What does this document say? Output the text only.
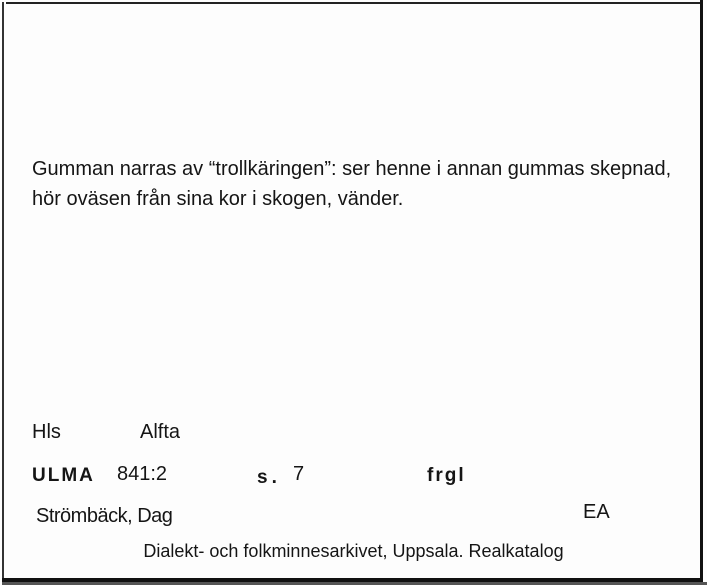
Gumman narras av “trollkäringen”: ser henne i annan gummas skepnad, hör oväsen från sina kor i skogen, vänder.
Hls	Alfta
ULMA 841:2	s. 7	frgl
Strömbäck, Dag	EA
Dialekt- och folkminnesarkivet, Uppsala. Realkatalog
